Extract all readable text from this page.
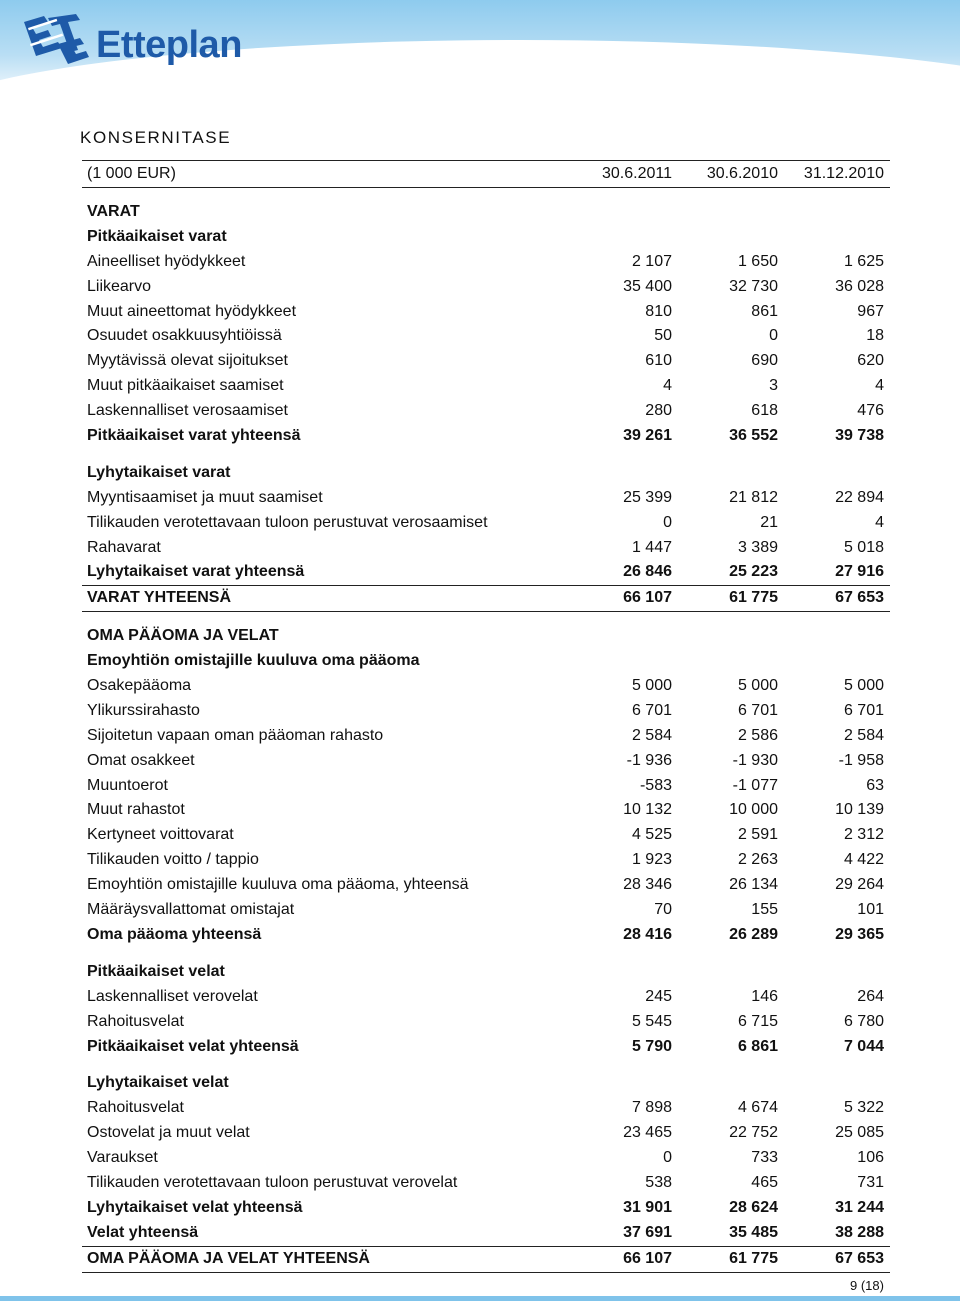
Etteplan
KONSERNITASE
(1 000 EUR)	30.6.2011	30.6.2010	31.12.2010
VARAT
Pitkäaikaiset varat
Aineelliset hyödykkeet	2 107	1 650	1 625
Liikearvo	35 400	32 730	36 028
Muut aineettomat hyödykkeet	810	861	967
Osuudet osakkuusyhtiöissä	50	0	18
Myytävissä olevat sijoitukset	610	690	620
Muut pitkäaikaiset saamiset	4	3	4
Laskennalliset verosaamiset	280	618	476
Pitkäaikaiset varat yhteensä	39 261	36 552	39 738
Lyhytaikaiset varat
Myyntisaamiset ja muut saamiset	25 399	21 812	22 894
Tilikauden verotettavaan tuloon perustuvat verosaamiset	0	21	4
Rahavarat	1 447	3 389	5 018
Lyhytaikaiset varat yhteensä	26 846	25 223	27 916
VARAT YHTEENSÄ	66 107	61 775	67 653
OMA PÄÄOMA JA VELAT
Emoyhtiön omistajille kuuluva oma pääoma
Osakepääoma	5 000	5 000	5 000
Ylikurssirahasto	6 701	6 701	6 701
Sijoitetun vapaan oman pääoman rahasto	2 584	2 586	2 584
Omat osakkeet	-1 936	-1 930	-1 958
Muuntoerot	-583	-1 077	63
Muut rahastot	10 132	10 000	10 139
Kertyneet voittovarat	4 525	2 591	2 312
Tilikauden voitto / tappio	1 923	2 263	4 422
Emoyhtiön omistajille kuuluva oma pääoma, yhteensä	28 346	26 134	29 264
Määräysvallattomat omistajat	70	155	101
Oma pääoma yhteensä	28 416	26 289	29 365
Pitkäaikaiset velat
Laskennalliset verovelat	245	146	264
Rahoitusvelat	5 545	6 715	6 780
Pitkäaikaiset velat yhteensä	5 790	6 861	7 044
Lyhytaikaiset velat
Rahoitusvelat	7 898	4 674	5 322
Ostovelat ja muut velat	23 465	22 752	25 085
Varaukset	0	733	106
Tilikauden verotettavaan tuloon perustuvat verovelat	538	465	731
Lyhytaikaiset velat yhteensä	31 901	28 624	31 244
Velat yhteensä	37 691	35 485	38 288
OMA PÄÄOMA JA VELAT YHTEENSÄ	66 107	61 775	67 653
9 (18)
